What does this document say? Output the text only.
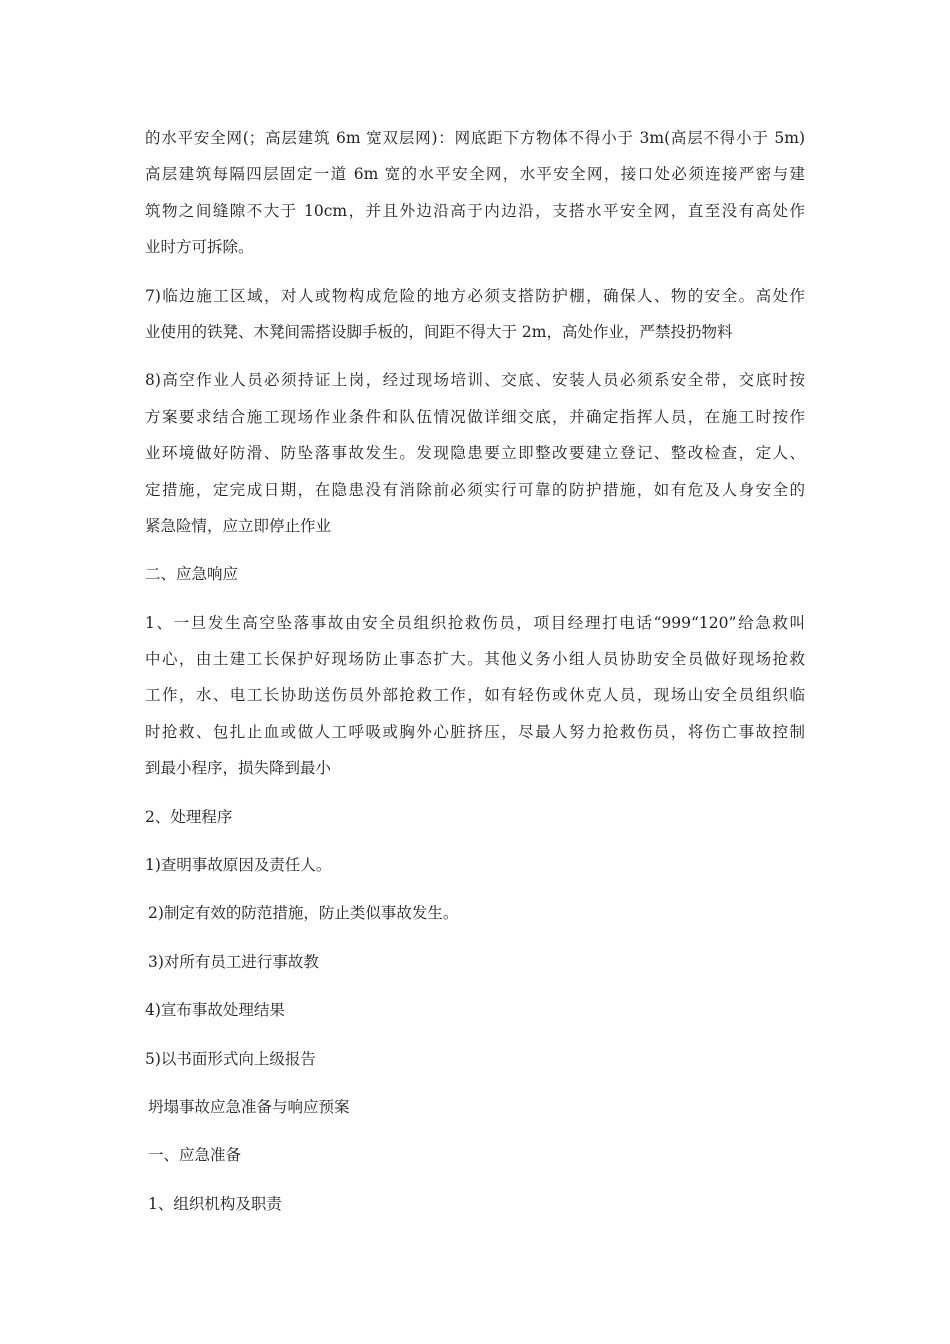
的水平安全网(；高层建筑 6m 宽双层网)：网底距下方物体不得小于 3m(高层不得小于 5m)
高层建筑每隔四层固定一道 6m 宽的水平安全网，水平安全网，接口处必须连接严密与建
筑物之间缝隙不大于 10cm，并且外边沿高于内边沿，支搭水平安全网，直至没有高处作
业时方可拆除。
7)临边施工区域，对人或物构成危险的地方必须支搭防护棚，确保人、物的安全。高处作
业使用的铁凳、木凳间需搭设脚手板的，间距不得大于 2m，高处作业，严禁投扔物料
8)高空作业人员必须持证上岗，经过现场培训、交底、安装人员必须系安全带，交底时按
方案要求结合施工现场作业条件和队伍情况做详细交底，并确定指挥人员，在施工时按作
业环境做好防滑、防坠落事故发生。发现隐患要立即整改要建立登记、整改检查，定人、
定措施，定完成日期，在隐患没有消除前必须实行可靠的防护措施，如有危及人身安全的
紧急险情，应立即停止作业
二、应急响应
1、一旦发生高空坠落事故由安全员组织抢救伤员，项目经理打电话“999“120”给急救叫
中心，由土建工长保护好现场防止事态扩大。其他义务小组人员协助安全员做好现场抢救
工作，水、电工长协助送伤员外部抢救工作，如有轻伤或休克人员，现场山安全员组织临
时抢救、包扎止血或做人工呼吸或胸外心脏挤压，尽最人努力抢救伤员，将伤亡事故控制
到最小程序，损失降到最小

2、处理程序

1)查明事故原因及责任人。

2)制定有效的防范措施，防止类似事故发生。

3)对所有员工进行事故教

4)宣布事故处理结果

5)以书面形式向上级报告

坍塌事故应急准备与响应预案

一、应急准备

1、组织机构及职责
